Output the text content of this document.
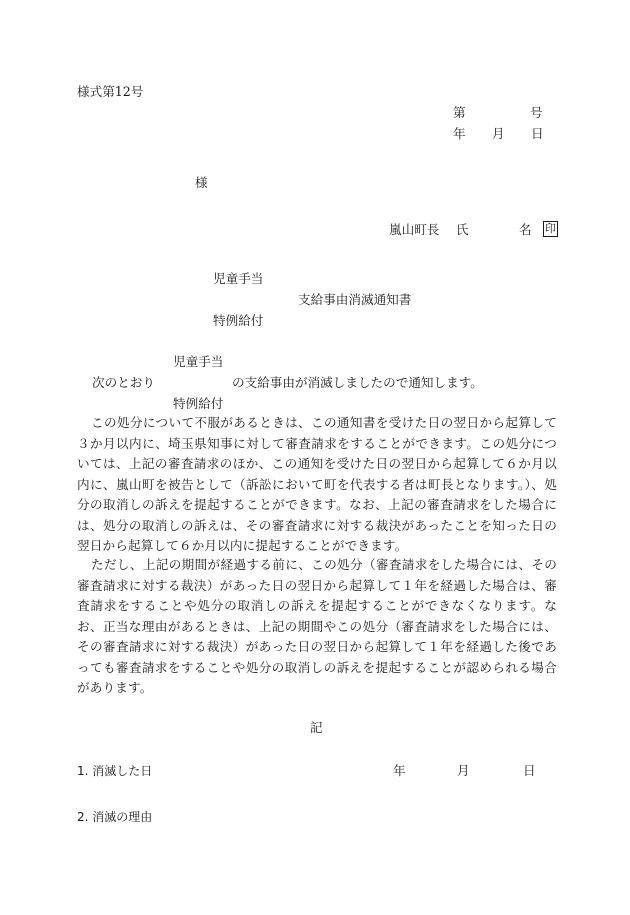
様式第12号
第	号
年 月 日
様
嵐山町長 氏	名 印
児童手当
支給事由消滅通知書
特例給付
児童手当
次のとおり	の支給事由が消滅しましたので通知します。
特例給付

この処分について不服があるときは、この通知書を受けた日の翌日から起算して３か月以内に、埼玉県知事に対して審査請求をすることができます。この処分については、上記の審査請求のほか、この通知を受けた日の翌日から起算して６か月以内に、嵐山町を被告として（訴訟において町を代表する者は町長となります。）、処分の取消しの訴えを提起することができます。なお、上記の審査請求をした場合には、処分の取消しの訴えは、その審査請求に対する裁決があったことを知った日の翌日から起算して６か月以内に提起することができます。

ただし、上記の期間が経過する前に、この処分（審査請求をした場合には、その審査請求に対する裁決）があった日の翌日から起算して１年を経過した場合は、審査請求をすることや処分の取消しの訴えを提起することができなくなります。なお、正当な理由があるときは、上記の期間やこの処分（審査請求をした場合には、その審査請求に対する裁決）があった日の翌日から起算して１年を経過した後であっても審査請求をすることや処分の取消しの訴えを提起することが認められる場合があります。

記
1. 消滅した日	年	月	日
2. 消滅の理由
